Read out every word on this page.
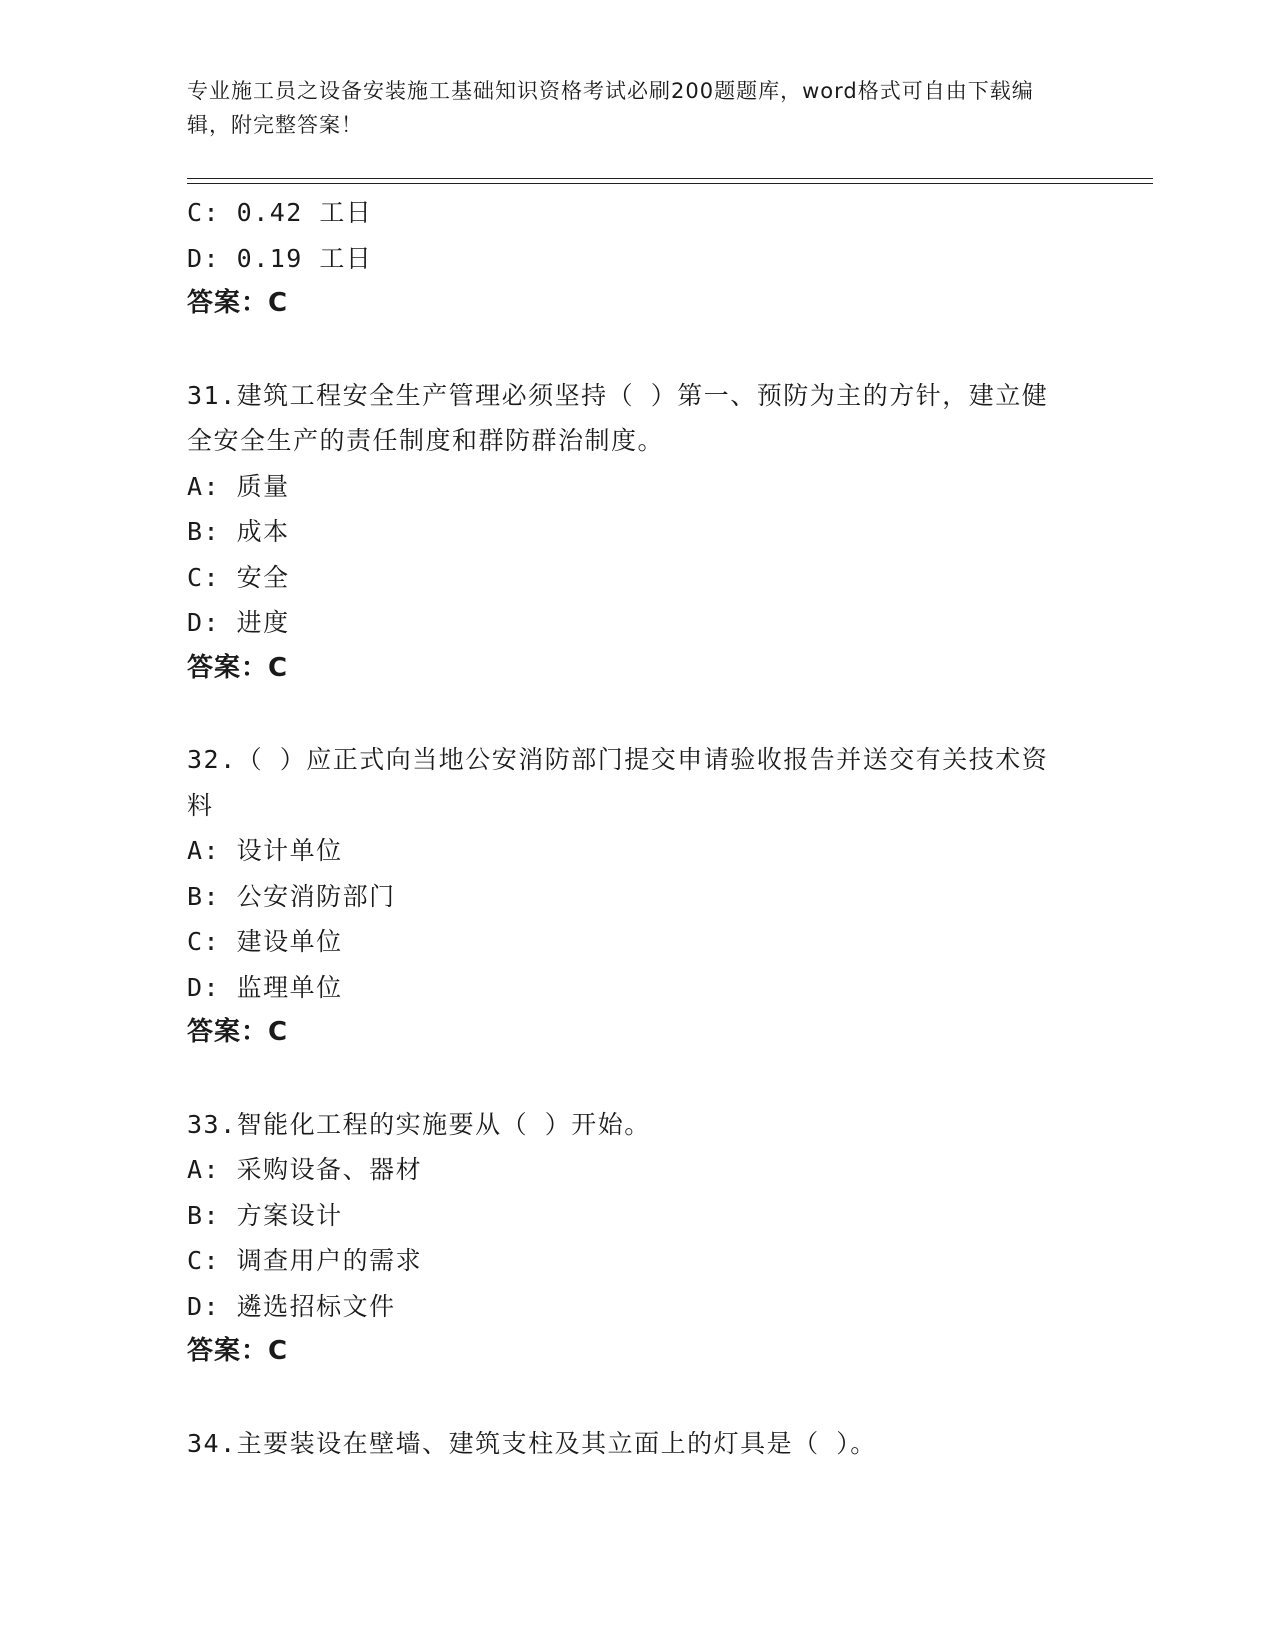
专业施工员之设备安装施工基础知识资格考试必刷200题题库，word格式可自由下载编辑，附完整答案！
C: 0.42 工日
D: 0.19 工日
答案：C
31.建筑工程安全生产管理必须坚持（ ）第一、预防为主的方针，建立健全安全生产的责任制度和群防群治制度。
A: 质量
B: 成本
C: 安全
D: 进度
答案：C
32.（ ）应正式向当地公安消防部门提交申请验收报告并送交有关技术资料
A: 设计单位
B: 公安消防部门
C: 建设单位
D: 监理单位
答案：C
33.智能化工程的实施要从（ ）开始。
A: 采购设备、器材
B: 方案设计
C: 调查用户的需求
D: 遴选招标文件
答案：C
34.主要装设在壁墙、建筑支柱及其立面上的灯具是（ ）。
